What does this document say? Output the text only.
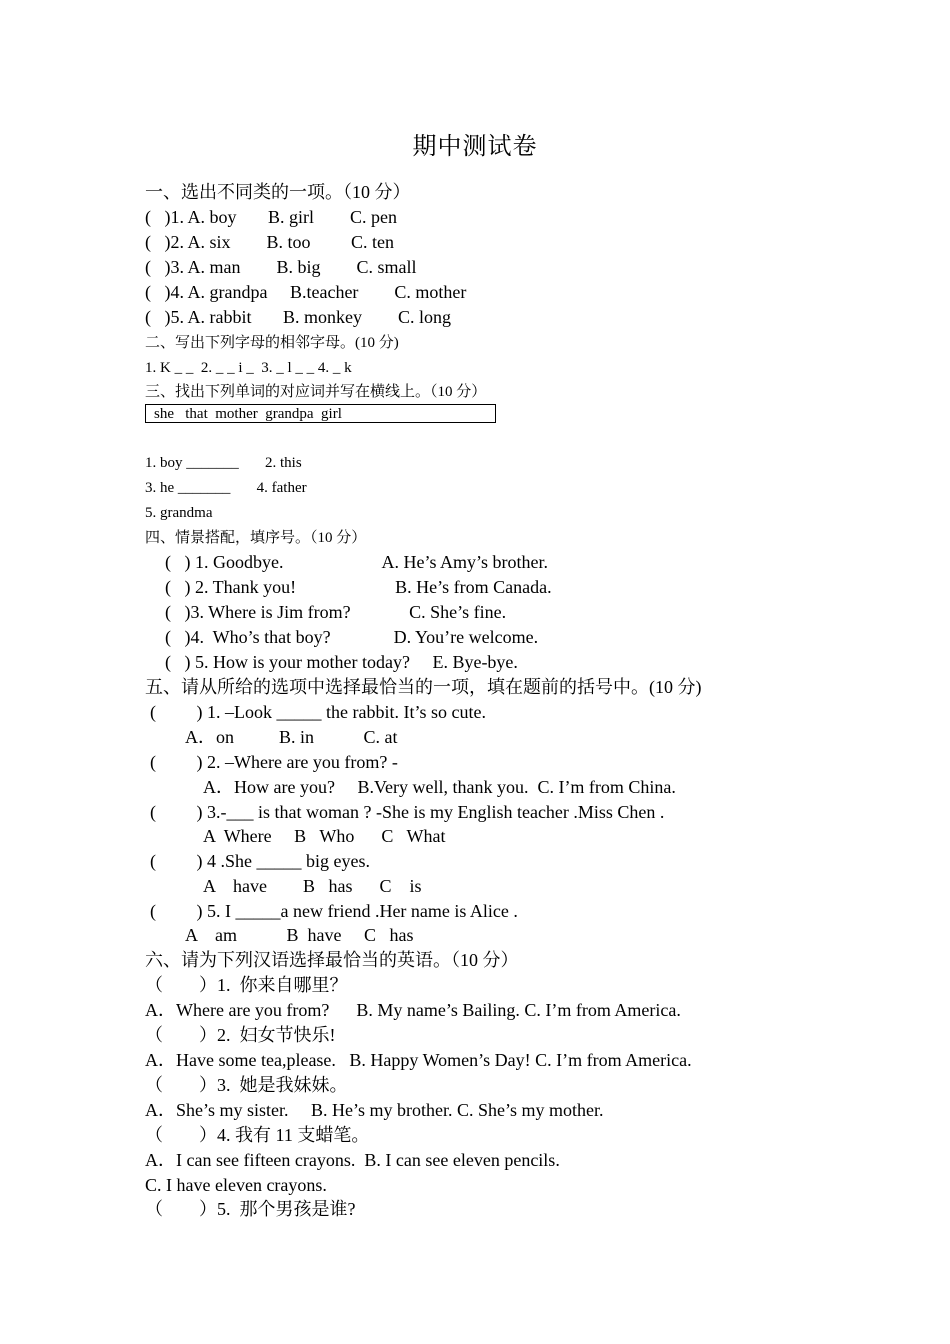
期中测试卷
一、选出不同类的一项。（10 分）
(   )1. A. boy       B. girl        C. pen
(   )2. A. six        B. too         C. ten
(   )3. A. man        B. big        C. small
(   )4. A. grandpa     B.teacher        C. mother
(   )5. A. rabbit       B. monkey        C. long
二、写出下列字母的相邻字母。(10 分)
1. K _ _  2. _ _ i _  3. _ l _ _ 4. _ k
三、找出下列单词的对应词并写在横线上。（10 分）
she   that  mother  grandpa  girl
1. boy _______       2. this
3. he _______       4. father
5. grandma
四、情景搭配，填序号。（10 分）
(   ) 1. Goodbye.                      A. He’s Amy’s brother.
(   ) 2. Thank you!                      B. He’s from Canada.
(   )3. Where is Jim from?             C. She’s fine.
(   )4.  Who’s that boy?              D. You’re welcome.
(   ) 5. How is your mother today?     E. Bye-bye.
五、请从所给的选项中选择最恰当的一项，填在题前的括号中。(10 分)
(         ) 1. –Look _____ the rabbit. It’s so cute.
A．on          B. in           C. at
(         ) 2. –Where are you from? -
A．How are you?     B.Very well, thank you.  C. I’m from China.
(         ) 3.-___ is that woman ? -She is my English teacher .Miss Chen .
A  Where     B   Who      C   What
(         ) 4 .She _____ big eyes.
A    have        B   has      C    is
(         ) 5. I _____a new friend .Her name is Alice .
A    am           B  have     C   has
六、请为下列汉语选择最恰当的英语。（10 分）
（        ）1.  你来自哪里？
A．Where are you from?      B. My name’s Bailing. C. I’m from America.
（        ）2.  妇女节快乐!
A．Have some tea,please.   B. Happy Women’s Day! C. I’m from America.
（        ）3.  她是我妹妹。
A．She’s my sister.     B. He’s my brother. C. She’s my mother.
（        ）4. 我有 11 支蜡笔。
A．I can see fifteen crayons.  B. I can see eleven pencils.
C. I have eleven crayons.
（        ）5.  那个男孩是谁?
